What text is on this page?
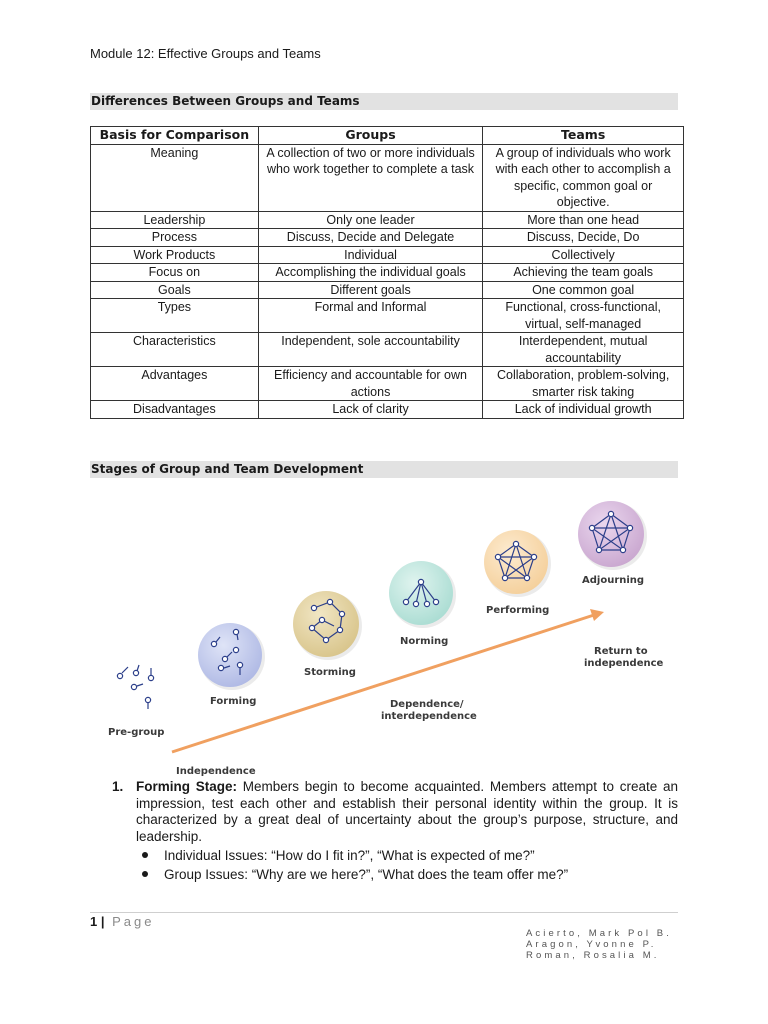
Module 12: Effective Groups and Teams
Differences Between Groups and Teams
Basis for Comparison	Groups	Teams
Meaning	A collection of two or more individuals who work together to complete a task	A group of individuals who work with each other to accomplish a specific, common goal or objective.
Leadership	Only one leader	More than one head
Process	Discuss, Decide and Delegate	Discuss, Decide, Do
Work Products	Individual	Collectively
Focus on	Accomplishing the individual goals	Achieving the team goals
Goals	Different goals	One common goal
Types	Formal and Informal	Functional, cross-functional, virtual, self-managed
Characteristics	Independent, sole accountability	Interdependent, mutual accountability
Advantages	Efficiency and accountable for own actions	Collaboration, problem-solving, smarter risk taking
Disadvantages	Lack of clarity	Lack of individual growth
Stages of Group and Team Development
Pre-group
Forming
Storming
Norming
Performing
Adjourning
Return to
independence
Dependence/
interdependence
Independence
1. Forming Stage: Members begin to become acquainted. Members attempt to create an impression, test each other and establish their personal identity within the group. It is characterized by a great deal of uncertainty about the group’s purpose, structure, and leadership.
Individual Issues: “How do I fit in?”, “What is expected of me?”
Group Issues: “Why are we here?”, “What does the team offer me?”
1 | Page
Acierto, Mark Pol B.
Aragon, Yvonne P.
Roman, Rosalia M.
